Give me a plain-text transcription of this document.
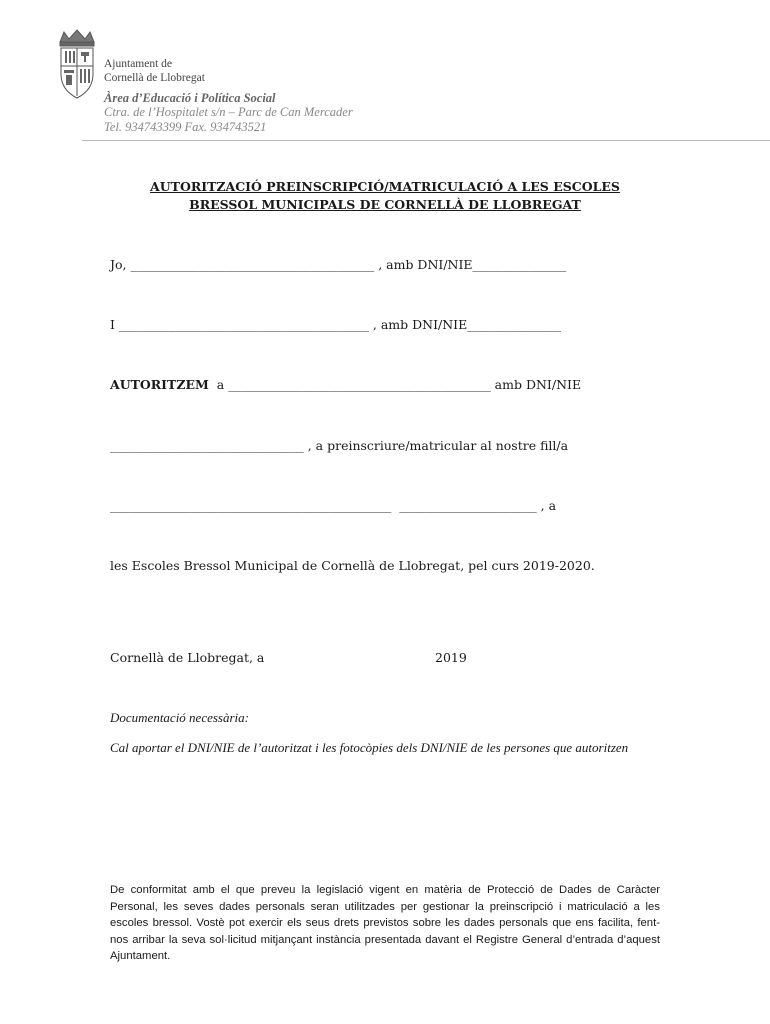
Ajuntament de
Cornellà de Llobregat
Àrea d’Educació i Política Social
Ctra. de l’Hospitalet s/n – Parc de Can Mercader
Tel. 934743399 Fax. 934743521
AUTORITZACIÓ PREINSCRIPCIÓ/MATRICULACIÓ A LES ESCOLES
BRESSOL MUNICIPALS DE CORNELLÀ DE LLOBREGAT
Jo, _______________________________________ , amb DNI/NIE_______________
I ________________________________________ , amb DNI/NIE_______________
AUTORITZEM  a __________________________________________ amb DNI/NIE
_______________________________ , a preinscriure/matricular al nostre fill/a
_____________________________________________  ______________________ , a
les Escoles Bressol Municipal de Cornellà de Llobregat, pel curs 2019-2020.
Cornellà de Llobregat, a	2019
Documentació necessària:
Cal aportar el DNI/NIE de l’autoritzat i les fotocòpies dels DNI/NIE de les persones que autoritzen
De conformitat amb el que preveu la legislació vigent en matèria de Protecció de Dades de Caràcter Personal, les seves dades personals seran utilitzades per gestionar la preinscripció i matriculació a les escoles bressol. Vostè pot exercir els seus drets previstos sobre les dades personals que ens facilita, fent-nos arribar la seva sol·licitud mitjançant instància presentada davant el Registre General d’entrada d’aquest Ajuntament.
